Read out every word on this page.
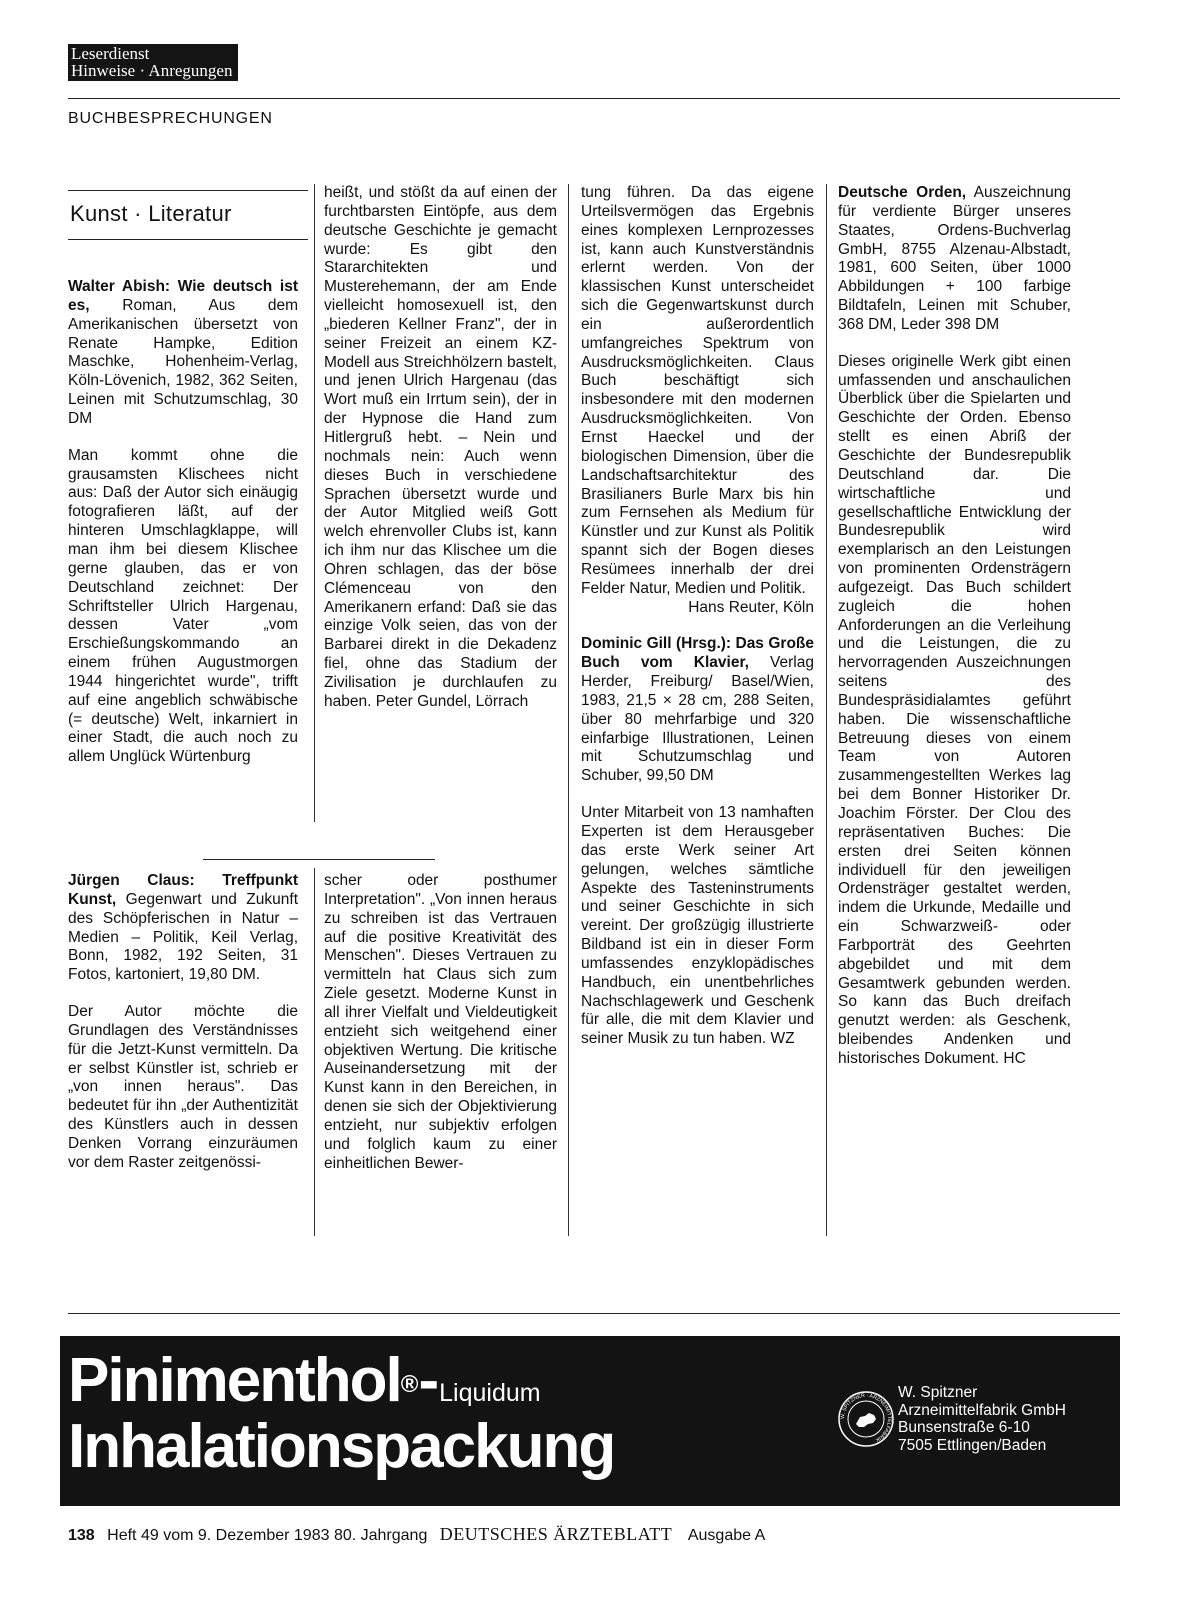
Leserdienst
Hinweise · Anregungen
BUCHBESPRECHUNGEN
Kunst · Literatur

Walter Abish: Wie deutsch ist es, Roman, Aus dem Amerikanischen übersetzt von Renate Hampke, Edition Maschke, Hohenheim-Verlag, Köln-Lövenich, 1982, 362 Seiten, Leinen mit Schutzumschlag, 30 DM

Man kommt ohne die grausamsten Klischees nicht aus: Daß der Autor sich einäugig fotografieren läßt, auf der hinteren Umschlagklappe, will man ihm bei diesem Klischee gerne glauben, das er von Deutschland zeichnet: Der Schriftsteller Ulrich Hargenau, dessen Vater „vom Erschießungskommando an einem frühen Augustmorgen 1944 hingerichtet wurde", trifft auf eine angeblich schwäbische (= deutsche) Welt, inkarniert in einer Stadt, die auch noch zu allem Unglück Würtenburg

Jürgen Claus: Treffpunkt Kunst, Gegenwart und Zukunft des Schöpferischen in Natur – Medien – Politik, Keil Verlag, Bonn, 1982, 192 Seiten, 31 Fotos, kartoniert, 19,80 DM.

Der Autor möchte die Grundlagen des Verständnisses für die Jetzt-Kunst vermitteln. Da er selbst Künstler ist, schrieb er „von innen heraus". Das bedeutet für ihn „der Authentizität des Künstlers auch in dessen Denken Vorrang einzuräumen vor dem Raster zeitgenössi-

heißt, und stößt da auf einen der furchtbarsten Eintöpfe, aus dem deutsche Geschichte je gemacht wurde: Es gibt den Stararchitekten und Musterehemann, der am Ende vielleicht homosexuell ist, den „biederen Kellner Franz", der in seiner Freizeit an einem KZ-Modell aus Streichhölzern bastelt, und jenen Ulrich Hargenau (das Wort muß ein Irrtum sein), der in der Hypnose die Hand zum Hitlergruß hebt. – Nein und nochmals nein: Auch wenn dieses Buch in verschiedene Sprachen übersetzt wurde und der Autor Mitglied weiß Gott welch ehrenvoller Clubs ist, kann ich ihm nur das Klischee um die Ohren schlagen, das der böse Clémenceau von den Amerikanern erfand: Daß sie das einzige Volk seien, das von der Barbarei direkt in die Dekadenz fiel, ohne das Stadium der Zivilisation je durchlaufen zu haben. Peter Gundel, Lörrach

scher oder posthumer Interpretation". „Von innen heraus zu schreiben ist das Vertrauen auf die positive Kreativität des Menschen". Dieses Vertrauen zu vermitteln hat Claus sich zum Ziele gesetzt. Moderne Kunst in all ihrer Vielfalt und Vieldeutigkeit entzieht sich weitgehend einer objektiven Wertung. Die kritische Auseinandersetzung mit der Kunst kann in den Bereichen, in denen sie sich der Objektivierung entzieht, nur subjektiv erfolgen und folglich kaum zu einer einheitlichen Bewer-

tung führen. Da das eigene Urteilsvermögen das Ergebnis eines komplexen Lernprozesses ist, kann auch Kunstverständnis erlernt werden. Von der klassischen Kunst unterscheidet sich die Gegenwartskunst durch ein außerordentlich umfangreiches Spektrum von Ausdrucksmöglichkeiten. Claus Buch beschäftigt sich insbesondere mit den modernen Ausdrucksmöglichkeiten. Von Ernst Haeckel und der biologischen Dimension, über die Landschaftsarchitektur des Brasilianers Burle Marx bis hin zum Fernsehen als Medium für Künstler und zur Kunst als Politik spannt sich der Bogen dieses Resümees innerhalb der drei Felder Natur, Medien und Politik.

Hans Reuter, Köln

Dominic Gill (Hrsg.): Das Große Buch vom Klavier, Verlag Herder, Freiburg/ Basel/Wien, 1983, 21,5 × 28 cm, 288 Seiten, über 80 mehrfarbige und 320 einfarbige Illustrationen, Leinen mit Schutzumschlag und Schuber, 99,50 DM

Unter Mitarbeit von 13 namhaften Experten ist dem Herausgeber das erste Werk seiner Art gelungen, welches sämtliche Aspekte des Tasteninstruments und seiner Geschichte in sich vereint. Der großzügig illustrierte Bildband ist ein in dieser Form umfassendes enzyklopädisches Handbuch, ein unentbehrliches Nachschlagewerk und Geschenk für alle, die mit dem Klavier und seiner Musik zu tun haben. WZ

Deutsche Orden, Auszeichnung für verdiente Bürger unseres Staates, Ordens-Buchverlag GmbH, 8755 Alzenau-Albstadt, 1981, 600 Seiten, über 1000 Abbildungen + 100 farbige Bildtafeln, Leinen mit Schuber, 368 DM, Leder 398 DM

Dieses originelle Werk gibt einen umfassenden und anschaulichen Überblick über die Spielarten und Geschichte der Orden. Ebenso stellt es einen Abriß der Geschichte der Bundesrepublik Deutschland dar. Die wirtschaftliche und gesellschaftliche Entwicklung der Bundesrepublik wird exemplarisch an den Leistungen von prominenten Ordensträgern aufgezeigt. Das Buch schildert zugleich die hohen Anforderungen an die Verleihung und die Leistungen, die zu hervorragenden Auszeichnungen seitens des Bundespräsidialamtes geführt haben. Die wissenschaftliche Betreuung dieses von einem Team von Autoren zusammengestellten Werkes lag bei dem Bonner Historiker Dr. Joachim Förster. Der Clou des repräsentativen Buches: Die ersten drei Seiten können individuell für den jeweiligen Ordensträger gestaltet werden, indem die Urkunde, Medaille und ein Schwarzweiß- oder Farbporträt des Geehrten abgebildet und mit dem Gesamtwerk gebunden werden. So kann das Buch dreifach genutzt werden: als Geschenk, bleibendes Andenken und historisches Dokument. HC

Pinimenthol®-Liquidum
Inhalationspackung	W. SPITZNER · ARZNEIMITTELFABRIK
W. Spitzner
Arzneimittelfabrik GmbH
Bunsenstraße 6-10
7505 Ettlingen/Baden
138 Heft 49 vom 9. Dezember 1983 80. Jahrgang DEUTSCHES ÄRZTEBLATT Ausgabe A
